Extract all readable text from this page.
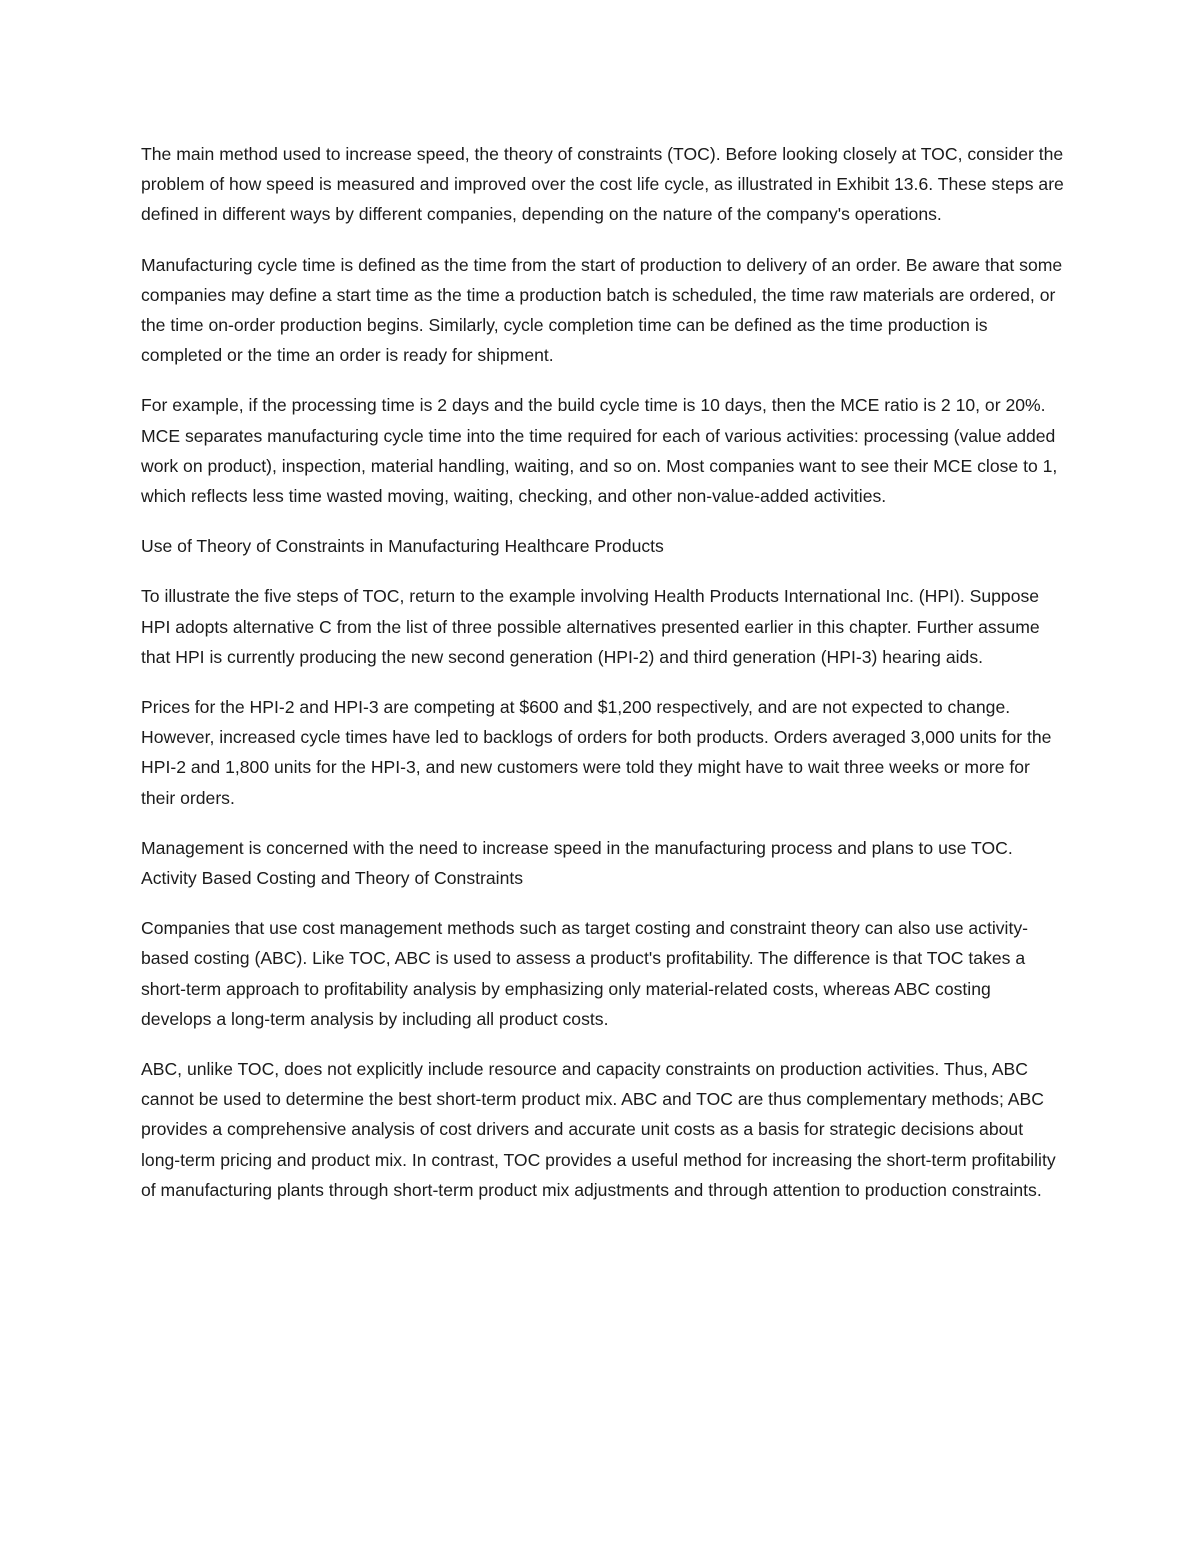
The main method used to increase speed, the theory of constraints (TOC). Before looking closely at TOC, consider the problem of how speed is measured and improved over the cost life cycle, as illustrated in Exhibit 13.6. These steps are defined in different ways by different companies, depending on the nature of the company's operations.

Manufacturing cycle time is defined as the time from the start of production to delivery of an order. Be aware that some companies may define a start time as the time a production batch is scheduled, the time raw materials are ordered, or the time on-order production begins. Similarly, cycle completion time can be defined as the time production is completed or the time an order is ready for shipment.

For example, if the processing time is 2 days and the build cycle time is 10 days, then the MCE ratio is 2 10, or 20%. MCE separates manufacturing cycle time into the time required for each of various activities: processing (value added work on product), inspection, material handling, waiting, and so on. Most companies want to see their MCE close to 1, which reflects less time wasted moving, waiting, checking, and other non-value-added activities.

Use of Theory of Constraints in Manufacturing Healthcare Products

To illustrate the five steps of TOC, return to the example involving Health Products International Inc. (HPI). Suppose HPI adopts alternative C from the list of three possible alternatives presented earlier in this chapter. Further assume that HPI is currently producing the new second generation (HPI-2) and third generation (HPI-3) hearing aids.

Prices for the HPI-2 and HPI-3 are competing at $600 and $1,200 respectively, and are not expected to change. However, increased cycle times have led to backlogs of orders for both products. Orders averaged 3,000 units for the HPI-2 and 1,800 units for the HPI-3, and new customers were told they might have to wait three weeks or more for their orders.

Management is concerned with the need to increase speed in the manufacturing process and plans to use TOC. Activity Based Costing and Theory of Constraints

Companies that use cost management methods such as target costing and constraint theory can also use activity-based costing (ABC). Like TOC, ABC is used to assess a product's profitability. The difference is that TOC takes a short-term approach to profitability analysis by emphasizing only material-related costs, whereas ABC costing develops a long-term analysis by including all product costs.

ABC, unlike TOC, does not explicitly include resource and capacity constraints on production activities. Thus, ABC cannot be used to determine the best short-term product mix. ABC and TOC are thus complementary methods; ABC provides a comprehensive analysis of cost drivers and accurate unit costs as a basis for strategic decisions about long-term pricing and product mix. In contrast, TOC provides a useful method for increasing the short-term profitability of manufacturing plants through short-term product mix adjustments and through attention to production constraints.
